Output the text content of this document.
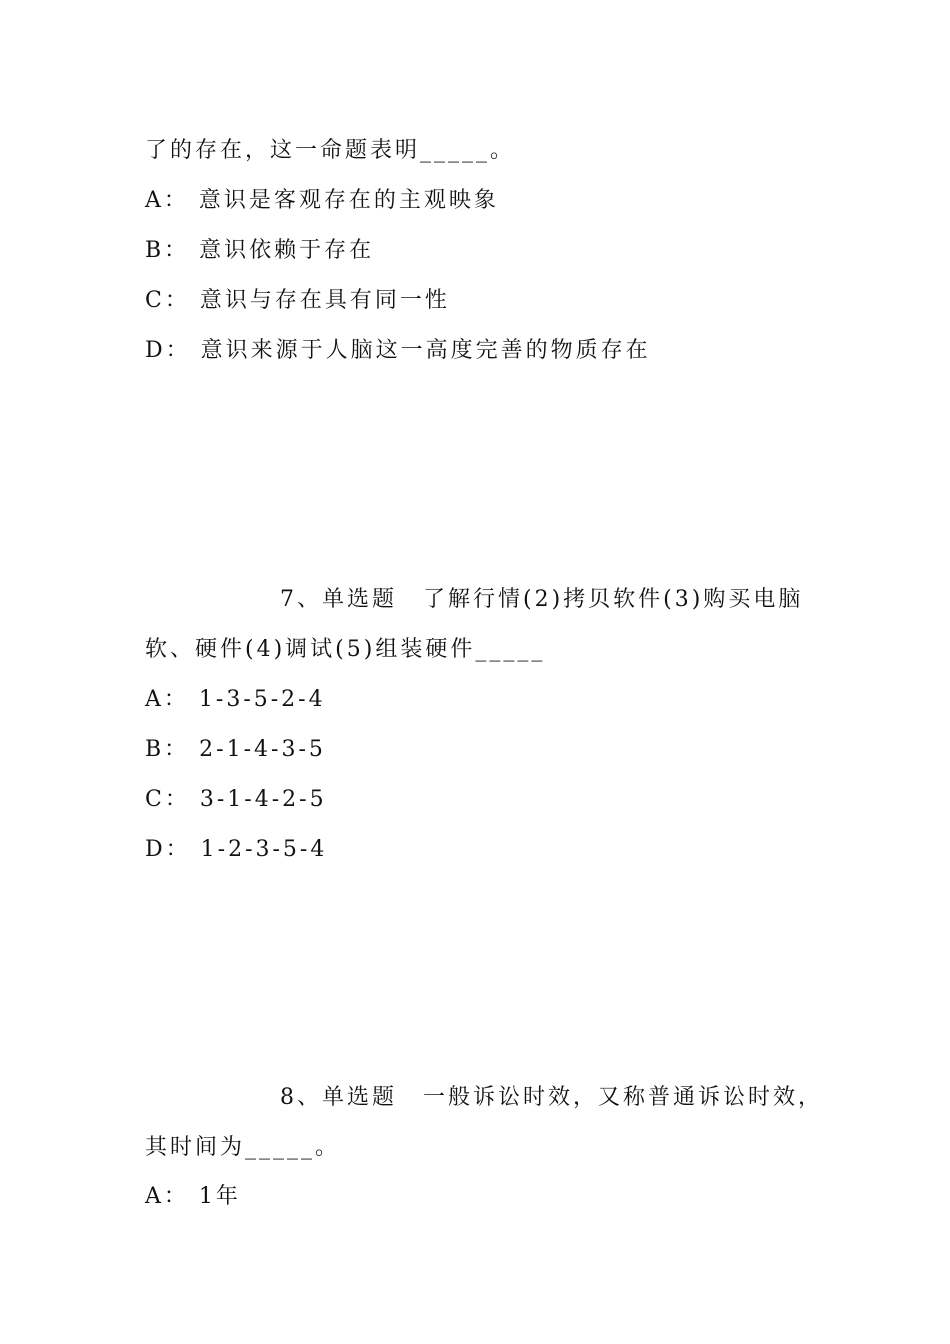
了的存在，这一命题表明_____。
A： 意识是客观存在的主观映象
B： 意识依赖于存在
C： 意识与存在具有同一性
D： 意识来源于人脑这一高度完善的物质存在
7、单选题 了解行情(2)拷贝软件(3)购买电脑
软、硬件(4)调试(5)组装硬件_____
A： 1-3-5-2-4
B： 2-1-4-3-5
C： 3-1-4-2-5
D： 1-2-3-5-4
8、单选题 一般诉讼时效，又称普通诉讼时效，
其时间为_____。
A： 1年
